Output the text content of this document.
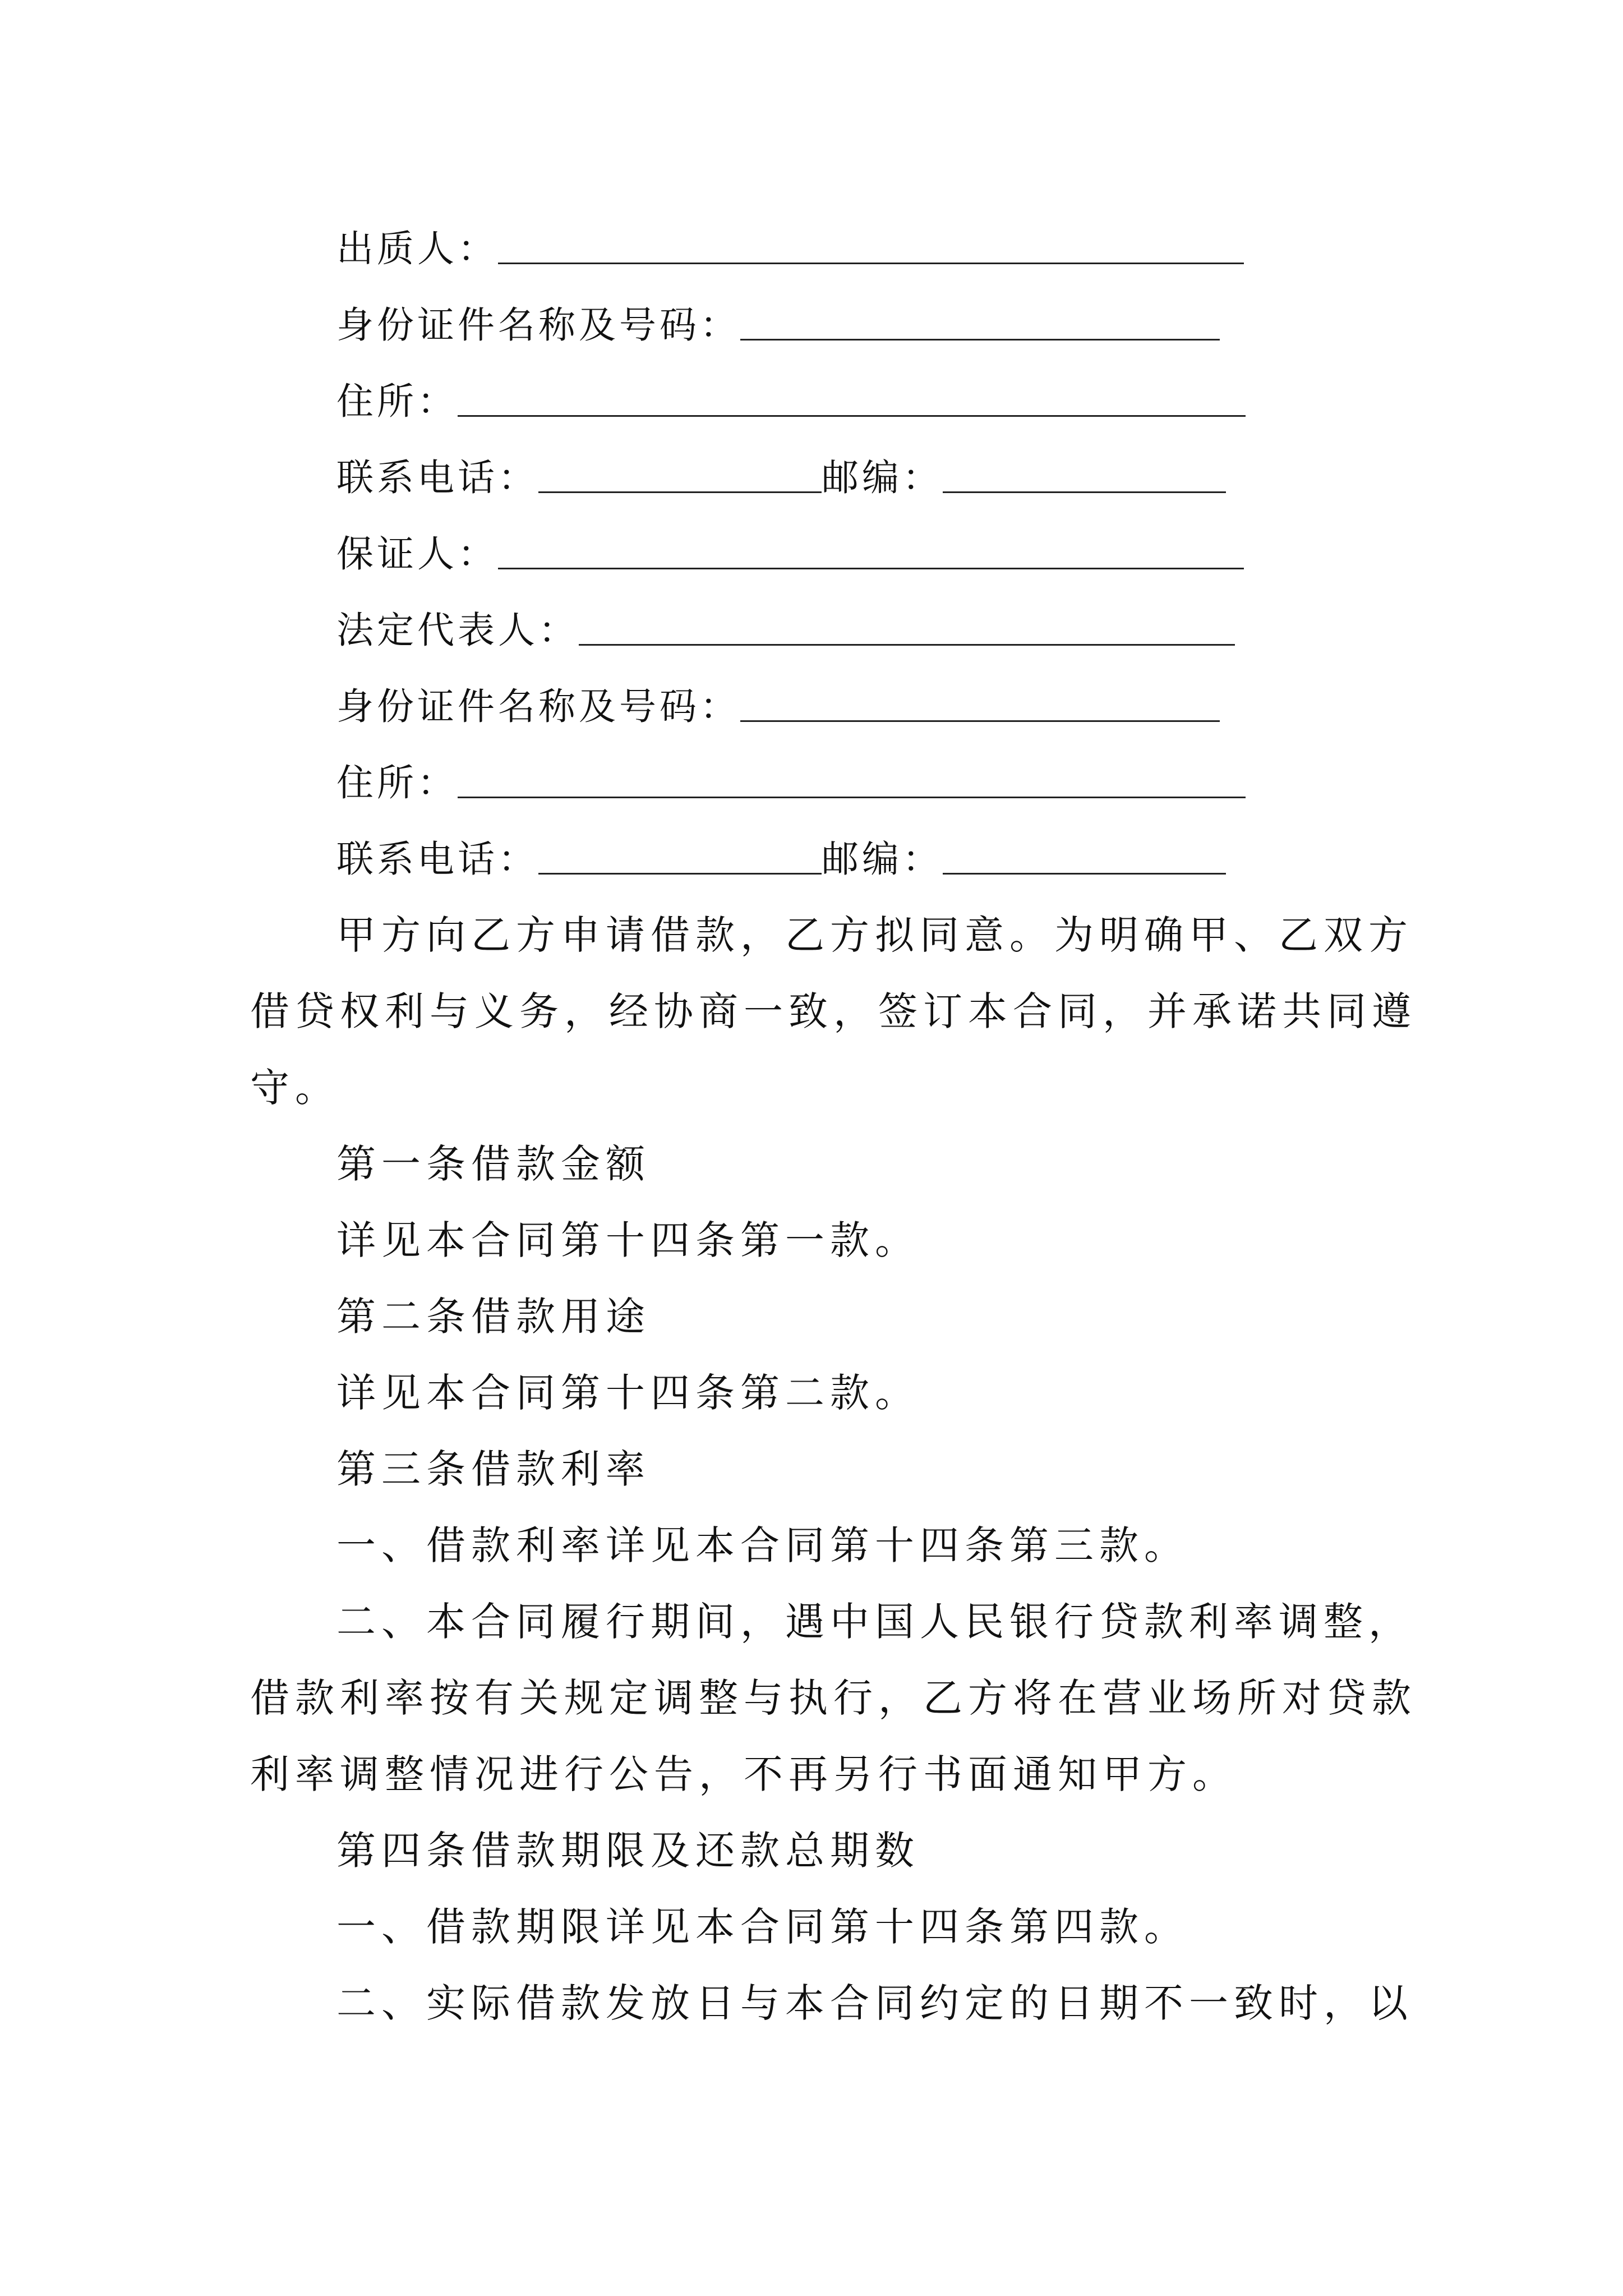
出质人：
身份证件名称及号码：
住所：
联系电话：	邮编：
保证人：
法定代表人：
身份证件名称及号码：
住所：
联系电话：	邮编：
甲方向乙方申请借款，乙方拟同意。为明确甲、乙双方
借贷权利与义务，经协商一致，签订本合同，并承诺共同遵
守。
第一条借款金额
详见本合同第十四条第一款。
第二条借款用途
详见本合同第十四条第二款。
第三条借款利率
一、借款利率详见本合同第十四条第三款。
二、本合同履行期间，遇中国人民银行贷款利率调整，
借款利率按有关规定调整与执行，乙方将在营业场所对贷款
利率调整情况进行公告，不再另行书面通知甲方。
第四条借款期限及还款总期数
一、借款期限详见本合同第十四条第四款。
二、实际借款发放日与本合同约定的日期不一致时，以
